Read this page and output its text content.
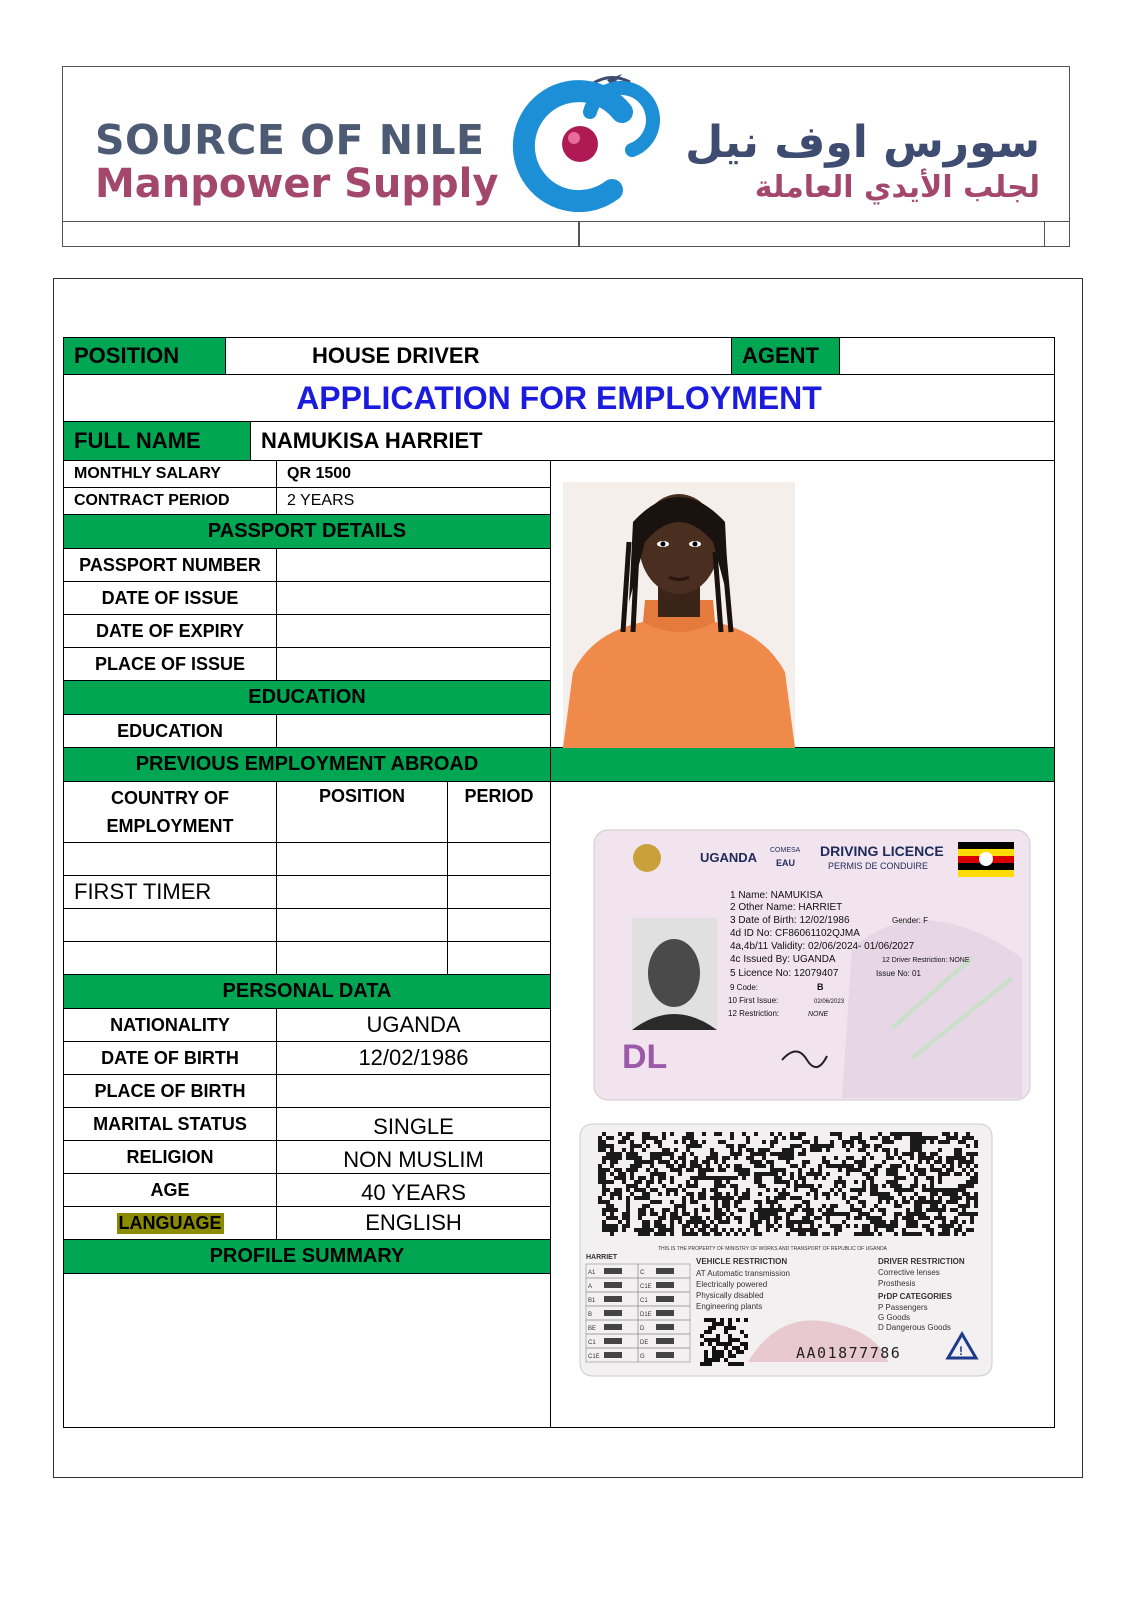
SOURCE OF NILE
Manpower Supply
سورس اوف نيل
لجلب الأيدي العاملة
POSITION	HOUSE DRIVER	AGENT
APPLICATION FOR EMPLOYMENT
FULL NAME	NAMUKISA HARRIET
MONTHLY SALARY	QR 1500
CONTRACT PERIOD	2 YEARS
PASSPORT DETAILS
PASSPORT NUMBER
DATE OF ISSUE
DATE OF EXPIRY
PLACE OF ISSUE
EDUCATION
EDUCATION
PREVIOUS EMPLOYMENT ABROAD
COUNTRY OF EMPLOYMENT
POSITION	PERIOD
FIRST TIMER
PERSONAL DATA
NATIONALITY	UGANDA
DATE OF BIRTH	12/02/1986
PLACE OF BIRTH
MARITAL STATUS	SINGLE
RELIGION	NON MUSLIM
AGE	40 YEARS
LANGUAGE	ENGLISH
PROFILE SUMMARY
UGANDA COMESA
EAU
DRIVING LICENCE
PERMIS DE CONDUIRE
1 Name: NAMUKISA
2 Other Name: HARRIET
3 Date of Birth: 12/02/1986	Gender: F
4d ID No: CF86061102QJMA
4a,4b/11 Validity: 02/06/2024- 01/06/2027
4c Issued By: UGANDA	12 Driver Restriction: NONE
5 Licence No: 12079407	Issue No: 01
9 Code:	B
10 First Issue:	02/06/2023
12 Restriction:	NONE
DL
THIS IS THE PROPERTY OF MINISTRY OF WORKS AND TRANSPORT OF REPUBLIC OF UGANDA
HARRIET
A1	C
A	C1E
B1	C1
B	D1E
BE	D
C1	DE
C1E	G
VEHICLE RESTRICTION
AT Automatic transmission
Electrically powered
Physically disabled
Engineering plants
DRIVER RESTRICTION
Corrective lenses
Prosthesis
PrDP CATEGORIES
P Passengers
G Goods
D Dangerous Goods
AA01877786	!
